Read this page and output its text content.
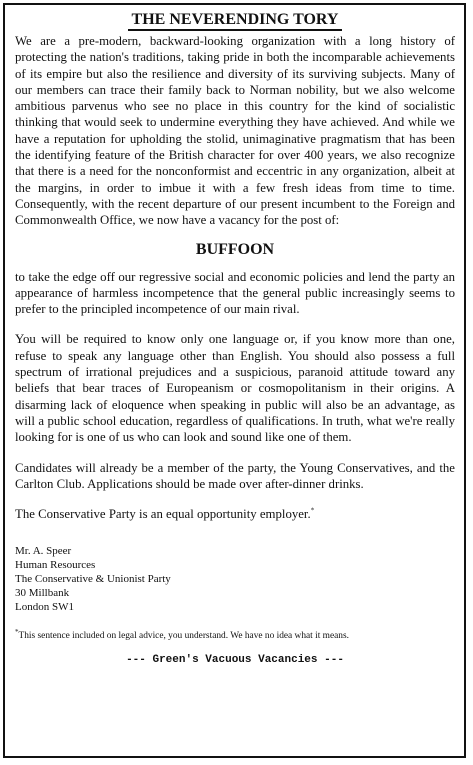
THE NEVERENDING TORY

We are a pre-modern, backward-looking organization with a long history of protecting the nation's traditions, taking pride in both the incomparable achievements of its empire but also the resilience and diversity of its surviving subjects. Many of our members can trace their family back to Norman nobility, but we also welcome ambitious parvenus who see no place in this country for the kind of socialistic thinking that would seek to undermine everything they have achieved. And while we have a reputation for upholding the stolid, unimaginative pragmatism that has been the identifying feature of the British character for over 400 years, we also recognize that there is a need for the nonconformist and eccentric in any organization, albeit at the margins, in order to imbue it with a few fresh ideas from time to time. Consequently, with the recent departure of our present incumbent to the Foreign and Commonwealth Office, we now have a vacancy for the post of:

BUFFOON

to take the edge off our regressive social and economic policies and lend the party an appearance of harmless incompetence that the general public increasingly seems to prefer to the principled incompetence of our main rival.

You will be required to know only one language or, if you know more than one, refuse to speak any language other than English. You should also possess a full spectrum of irrational prejudices and a suspicious, paranoid attitude toward any beliefs that bear traces of Europeanism or cosmopolitanism in their origins. A disarming lack of eloquence when speaking in public will also be an advantage, as will a public school education, regardless of qualifications. In truth, what we're really looking for is one of us who can look and sound like one of them.

Candidates will already be a member of the party, the Young Conservatives, and the Carlton Club. Applications should be made over after-dinner drinks.

The Conservative Party is an equal opportunity employer.*

Mr. A. Speer
Human Resources
The Conservative & Unionist Party
30 Millbank
London SW1
*This sentence included on legal advice, you understand. We have no idea what it means.
--- Green's Vacuous Vacancies ---
